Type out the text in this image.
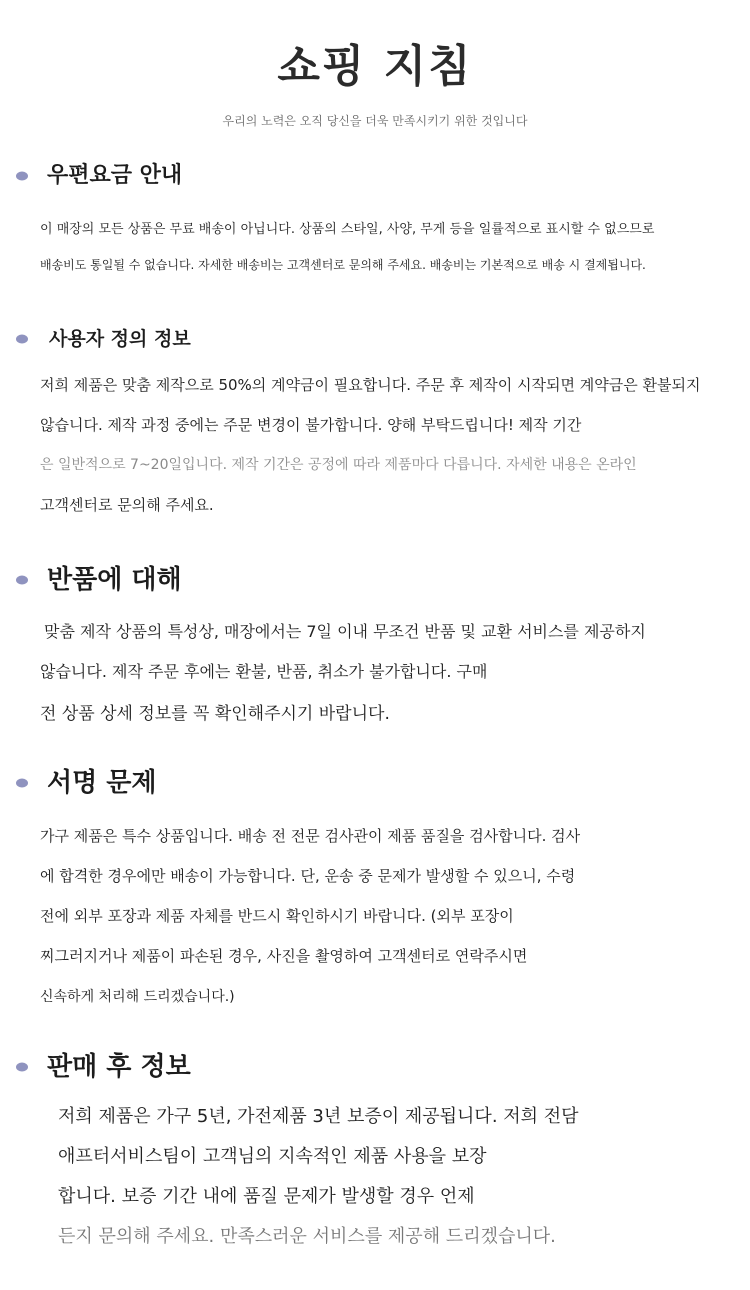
쇼핑 지침

우리의 노력은 오직 당신을 더욱 만족시키기 위한 것입니다

우편요금 안내
이 매장의 모든 상품은 무료 배송이 아닙니다. 상품의 스타일, 사양, 무게 등을 일률적으로 표시할 수 없으므로
배송비도 통일될 수 없습니다. 자세한 배송비는 고객센터로 문의해 주세요. 배송비는 기본적으로 배송 시 결제됩니다.
사용자 정의 정보
저희 제품은 맞춤 제작으로 50%의 계약금이 필요합니다. 주문 후 제작이 시작되면 계약금은 환불되지
않습니다. 제작 과정 중에는 주문 변경이 불가합니다. 양해 부탁드립니다! 제작 기간
은 일반적으로 7~20일입니다. 제작 기간은 공정에 따라 제품마다 다릅니다. 자세한 내용은 온라인
고객센터로 문의해 주세요.
반품에 대해
맞춤 제작 상품의 특성상, 매장에서는 7일 이내 무조건 반품 및 교환 서비스를 제공하지
않습니다. 제작 주문 후에는 환불, 반품, 취소가 불가합니다. 구매
전 상품 상세 정보를 꼭 확인해주시기 바랍니다.
서명 문제
가구 제품은 특수 상품입니다. 배송 전 전문 검사관이 제품 품질을 검사합니다. 검사
에 합격한 경우에만 배송이 가능합니다. 단, 운송 중 문제가 발생할 수 있으니, 수령
전에 외부 포장과 제품 자체를 반드시 확인하시기 바랍니다. (외부 포장이
찌그러지거나 제품이 파손된 경우, 사진을 촬영하여 고객센터로 연락주시면
신속하게 처리해 드리겠습니다.)
판매 후 정보
저희 제품은 가구 5년, 가전제품 3년 보증이 제공됩니다. 저희 전담
애프터서비스팀이 고객님의 지속적인 제품 사용을 보장
합니다. 보증 기간 내에 품질 문제가 발생할 경우 언제
든지 문의해 주세요. 만족스러운 서비스를 제공해 드리겠습니다.
